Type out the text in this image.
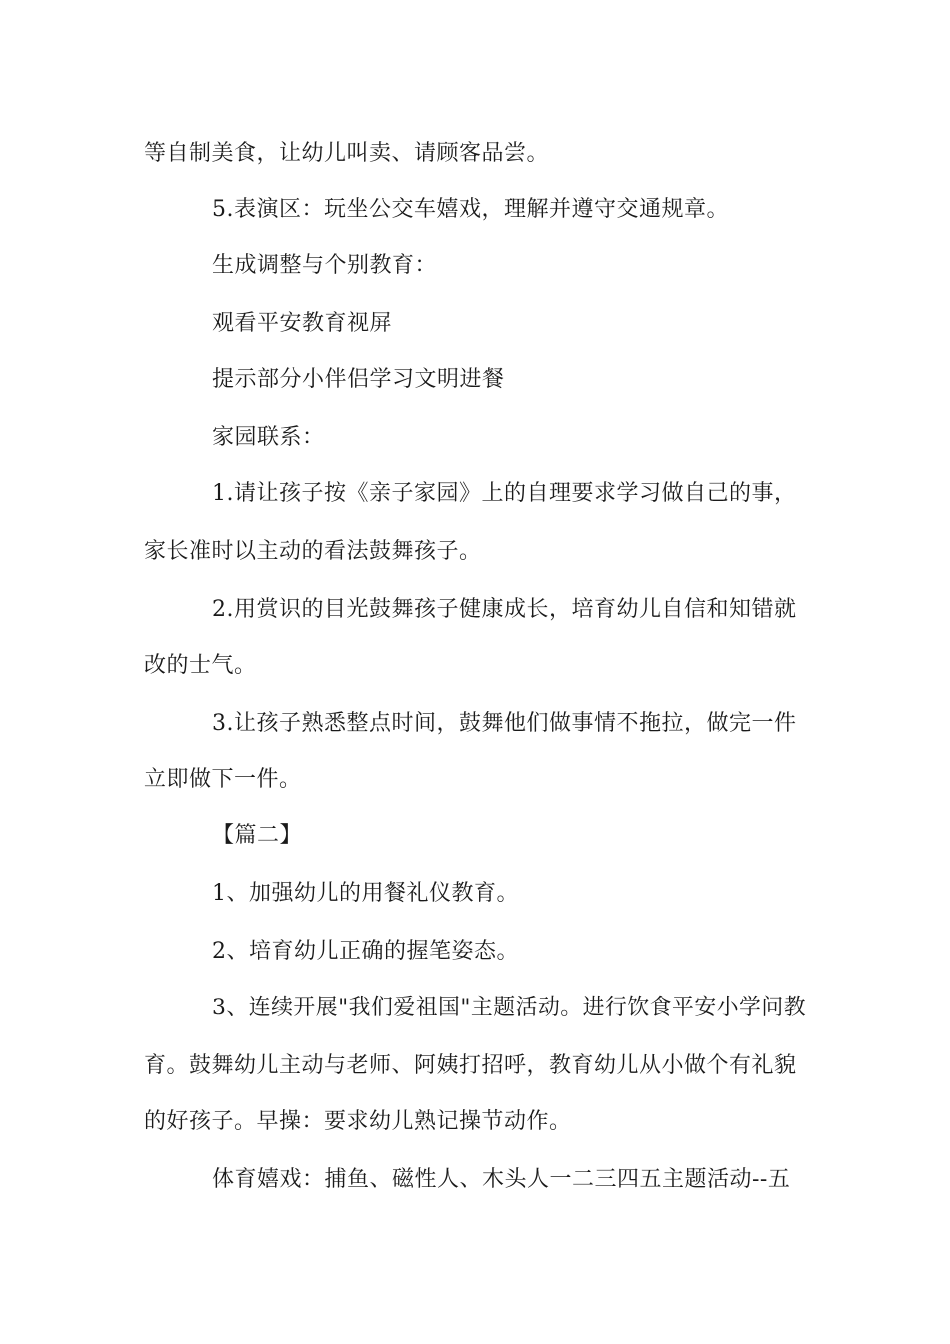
等自制美食，让幼儿叫卖、请顾客品尝。
5.表演区：玩坐公交车嬉戏，理解并遵守交通规章。
生成调整与个别教育：
观看平安教育视屏
提示部分小伴侣学习文明进餐
家园联系：
1.请让孩子按《亲子家园》上的自理要求学习做自己的事，
家长准时以主动的看法鼓舞孩子。
2.用赏识的目光鼓舞孩子健康成长，培育幼儿自信和知错就
改的士气。
3.让孩子熟悉整点时间，鼓舞他们做事情不拖拉，做完一件
立即做下一件。
【篇二】
1、加强幼儿的用餐礼仪教育。
2、培育幼儿正确的握笔姿态。
3、连续开展"我们爱祖国"主题活动。进行饮食平安小学问教
育。鼓舞幼儿主动与老师、阿姨打招呼，教育幼儿从小做个有礼貌
的好孩子。早操：要求幼儿熟记操节动作。
体育嬉戏：捕鱼、磁性人、木头人一二三四五主题活动--五
